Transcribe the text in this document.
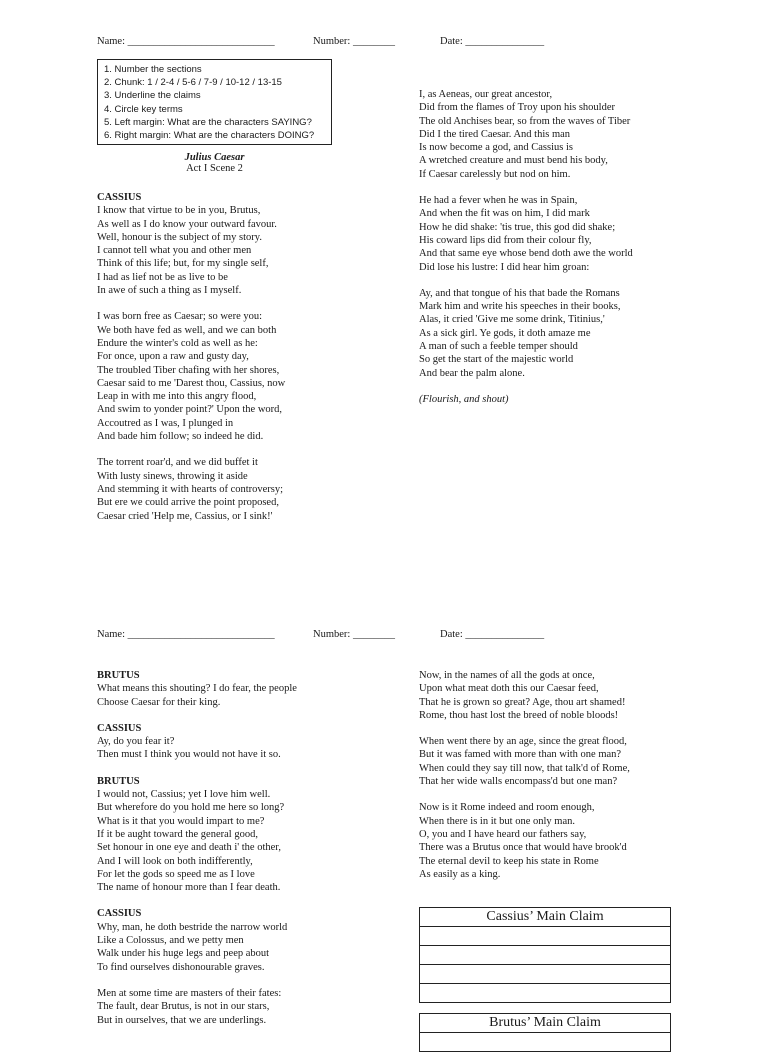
Name: ____________________________	Number: ________	Date: _______________
1. Number the sections
2. Chunk: 1 / 2-4 / 5-6 / 7-9 / 10-12 / 13-15
3. Underline the claims
4. Circle key terms
5. Left margin: What are the characters SAYING?
6. Right margin: What are the characters DOING?
Julius Caesar
Act I Scene 2
CASSIUS
I know that virtue to be in you, Brutus,
As well as I do know your outward favour.
Well, honour is the subject of my story.
I cannot tell what you and other men
Think of this life; but, for my single self,
I had as lief not be as live to be
In awe of such a thing as I myself.
I was born free as Caesar; so were you:
We both have fed as well, and we can both
Endure the winter's cold as well as he:
For once, upon a raw and gusty day,
The troubled Tiber chafing with her shores,
Caesar said to me 'Darest thou, Cassius, now
Leap in with me into this angry flood,
And swim to yonder point?' Upon the word,
Accoutred as I was, I plunged in
And bade him follow; so indeed he did.
The torrent roar'd, and we did buffet it
With lusty sinews, throwing it aside
And stemming it with hearts of controversy;
But ere we could arrive the point proposed,
Caesar cried 'Help me, Cassius, or I sink!'
I, as Aeneas, our great ancestor,
Did from the flames of Troy upon his shoulder
The old Anchises bear, so from the waves of Tiber
Did I the tired Caesar. And this man
Is now become a god, and Cassius is
A wretched creature and must bend his body,
If Caesar carelessly but nod on him.
He had a fever when he was in Spain,
And when the fit was on him, I did mark
How he did shake: 'tis true, this god did shake;
His coward lips did from their colour fly,
And that same eye whose bend doth awe the world
Did lose his lustre: I did hear him groan:
Ay, and that tongue of his that bade the Romans
Mark him and write his speeches in their books,
Alas, it cried 'Give me some drink, Titinius,'
As a sick girl. Ye gods, it doth amaze me
A man of such a feeble temper should
So get the start of the majestic world
And bear the palm alone.
(Flourish, and shout)
Name: ____________________________	Number: ________	Date: _______________
BRUTUS
What means this shouting? I do fear, the people
Choose Caesar for their king.
CASSIUS
Ay, do you fear it?
Then must I think you would not have it so.
BRUTUS
I would not, Cassius; yet I love him well.
But wherefore do you hold me here so long?
What is it that you would impart to me?
If it be aught toward the general good,
Set honour in one eye and death i' the other,
And I will look on both indifferently,
For let the gods so speed me as I love
The name of honour more than I fear death.
CASSIUS
Why, man, he doth bestride the narrow world
Like a Colossus, and we petty men
Walk under his huge legs and peep about
To find ourselves dishonourable graves.
Men at some time are masters of their fates:
The fault, dear Brutus, is not in our stars,
But in ourselves, that we are underlings.
Now, in the names of all the gods at once,
Upon what meat doth this our Caesar feed,
That he is grown so great? Age, thou art shamed!
Rome, thou hast lost the breed of noble bloods!
When went there by an age, since the great flood,
But it was famed with more than with one man?
When could they say till now, that talk'd of Rome,
That her wide walls encompass'd but one man?
Now is it Rome indeed and room enough,
When there is in it but one only man.
O, you and I have heard our fathers say,
There was a Brutus once that would have brook'd
The eternal devil to keep his state in Rome
As easily as a king.
Cassius’ Main Claim
Brutus’ Main Claim
